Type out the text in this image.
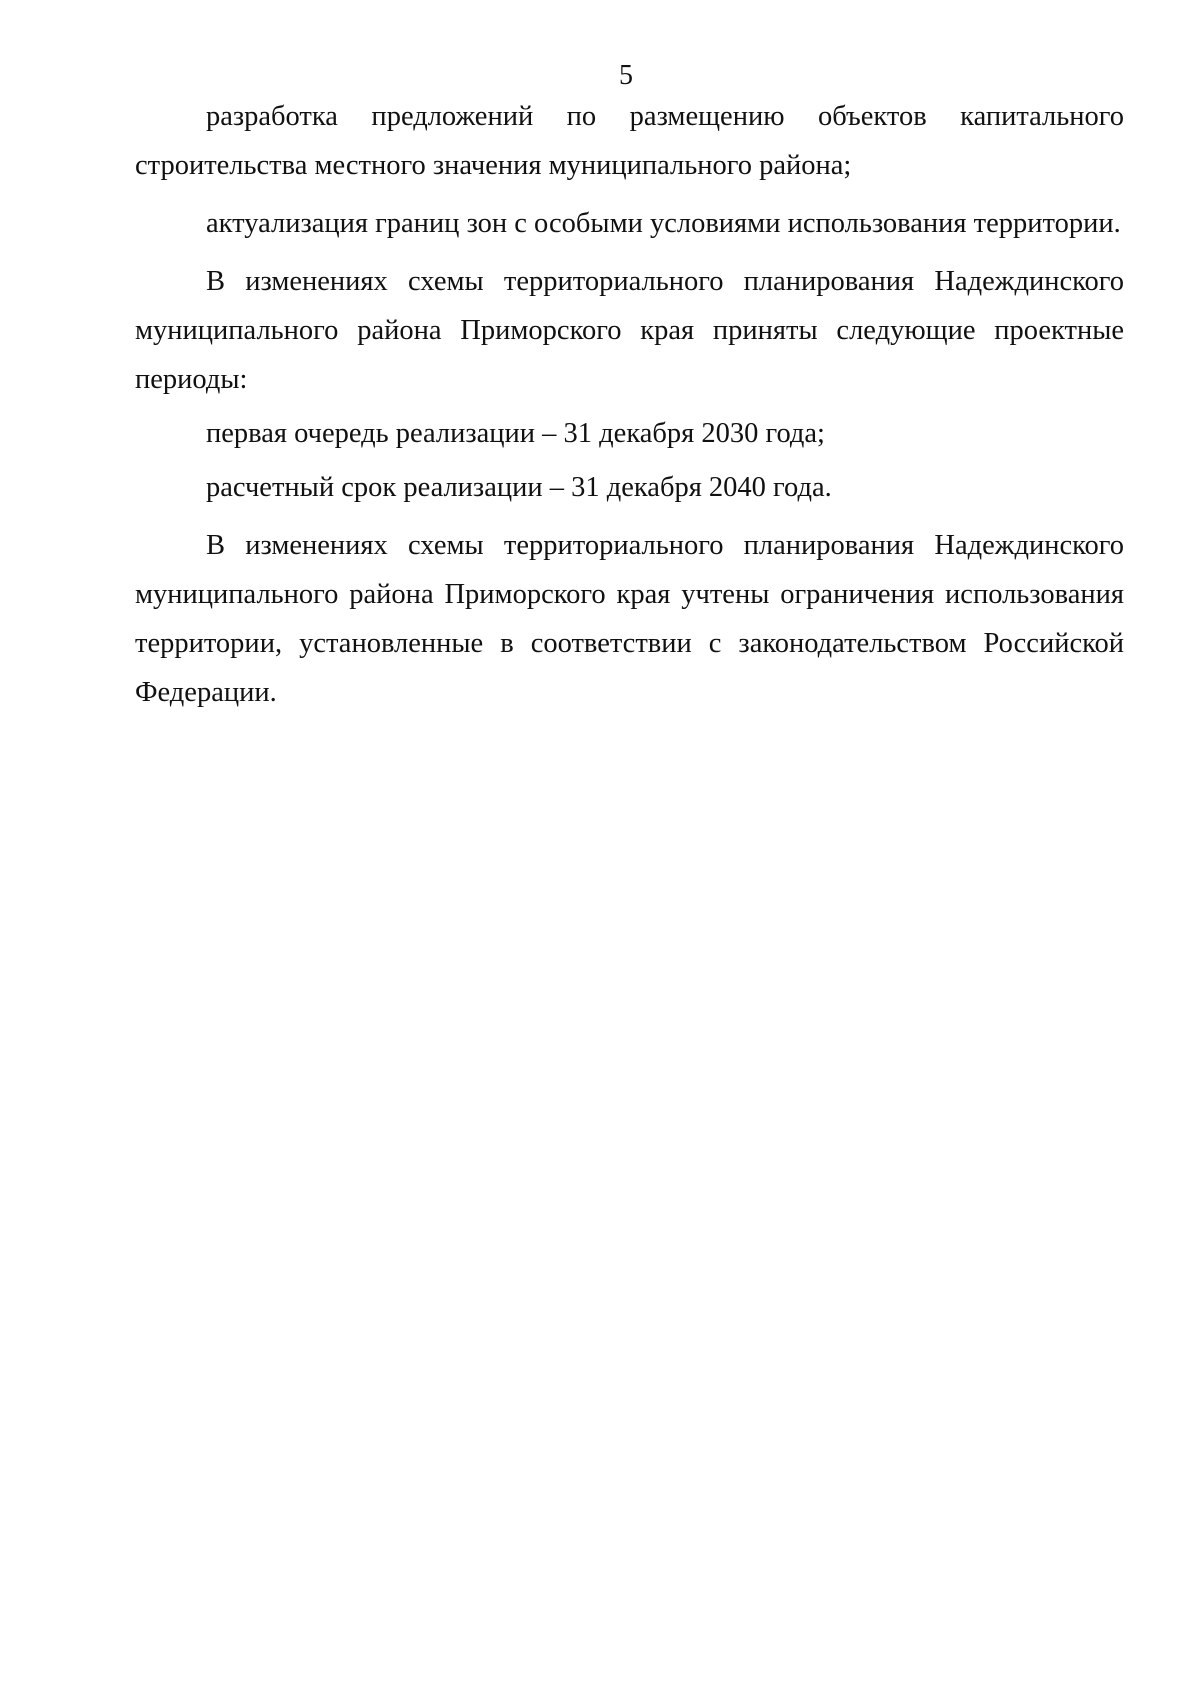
5

разработка предложений по размещению объектов капитального строительства местного значения муниципального района;

актуализация границ зон с особыми условиями использования территории.

В изменениях схемы территориального планирования Надеждинского муниципального района Приморского края приняты следующие проектные периоды:

первая очередь реализации – 31 декабря 2030 года;

расчетный срок реализации – 31 декабря 2040 года.

В изменениях схемы территориального планирования Надеждинского муниципального района Приморского края учтены ограничения использования территории, установленные в соответствии с законодательством Российской Федерации.
